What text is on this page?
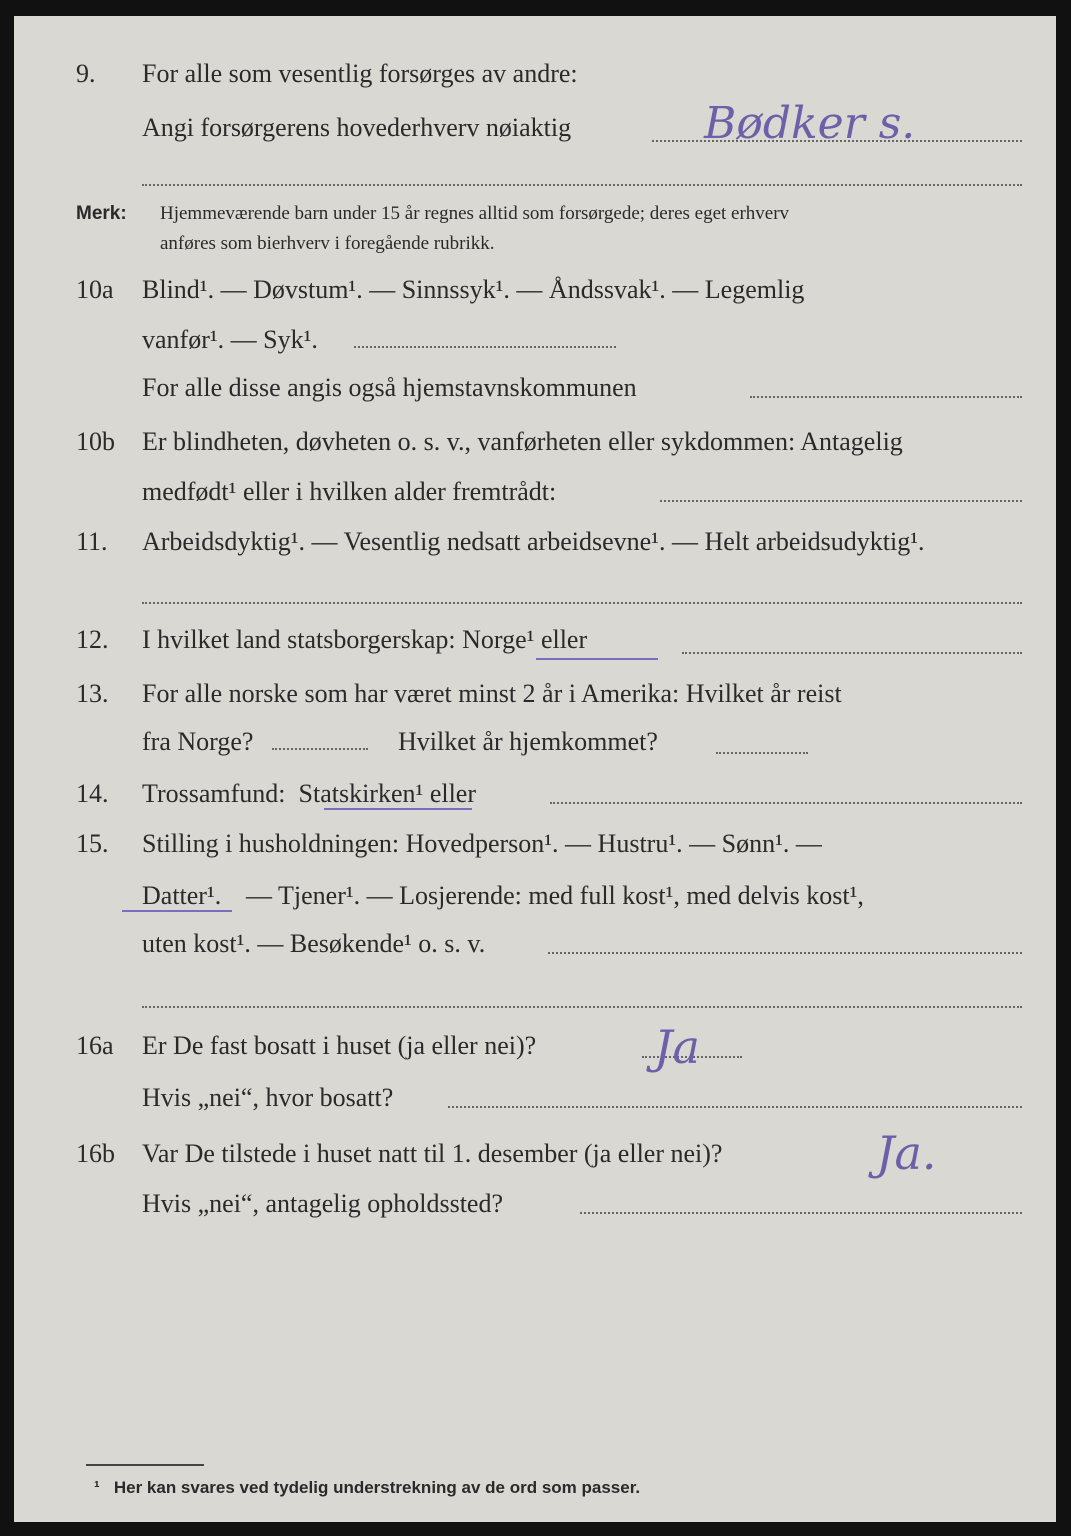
9. For alle som vesentlig forsørges av andre:
Angi forsørgerens hovederhverv nøiaktig	Bødker s.
Merk: Hjemmeværende barn under 15 år regnes alltid som forsørgede; deres eget erhverv
anføres som bierhverv i foregående rubrikk.
10a Blind¹. — Døvstum¹. — Sinnssyk¹. — Åndssvak¹. — Legemlig
vanfør¹. — Syk¹.
For alle disse angis også hjemstavnskommunen
10b Er blindheten, døvheten o. s. v., vanførheten eller sykdommen: Antagelig
medfødt¹ eller i hvilken alder fremtrådt:
11. Arbeidsdyktig¹. — Vesentlig nedsatt arbeidsevne¹. — Helt arbeidsudyktig¹.
12. I hvilket land statsborgerskap: Norge¹ eller
13. For alle norske som har været minst 2 år i Amerika: Hvilket år reist
fra Norge?	Hvilket år hjemkommet?
14. Trossamfund: Statskirken¹ eller
15. Stilling i husholdningen: Hovedperson¹. — Hustru¹. — Sønn¹. —
Datter¹. — Tjener¹. — Losjerende: med full kost¹, med delvis kost¹,
uten kost¹. — Besøkende¹ o. s. v.
16a Er De fast bosatt i huset (ja eller nei)?	Ja
Hvis „nei“, hvor bosatt?
16b Var De tilstede i huset natt til 1. desember (ja eller nei)?	Ja.
Hvis „nei“, antagelig opholdssted?
¹ Her kan svares ved tydelig understrekning av de ord som passer.
